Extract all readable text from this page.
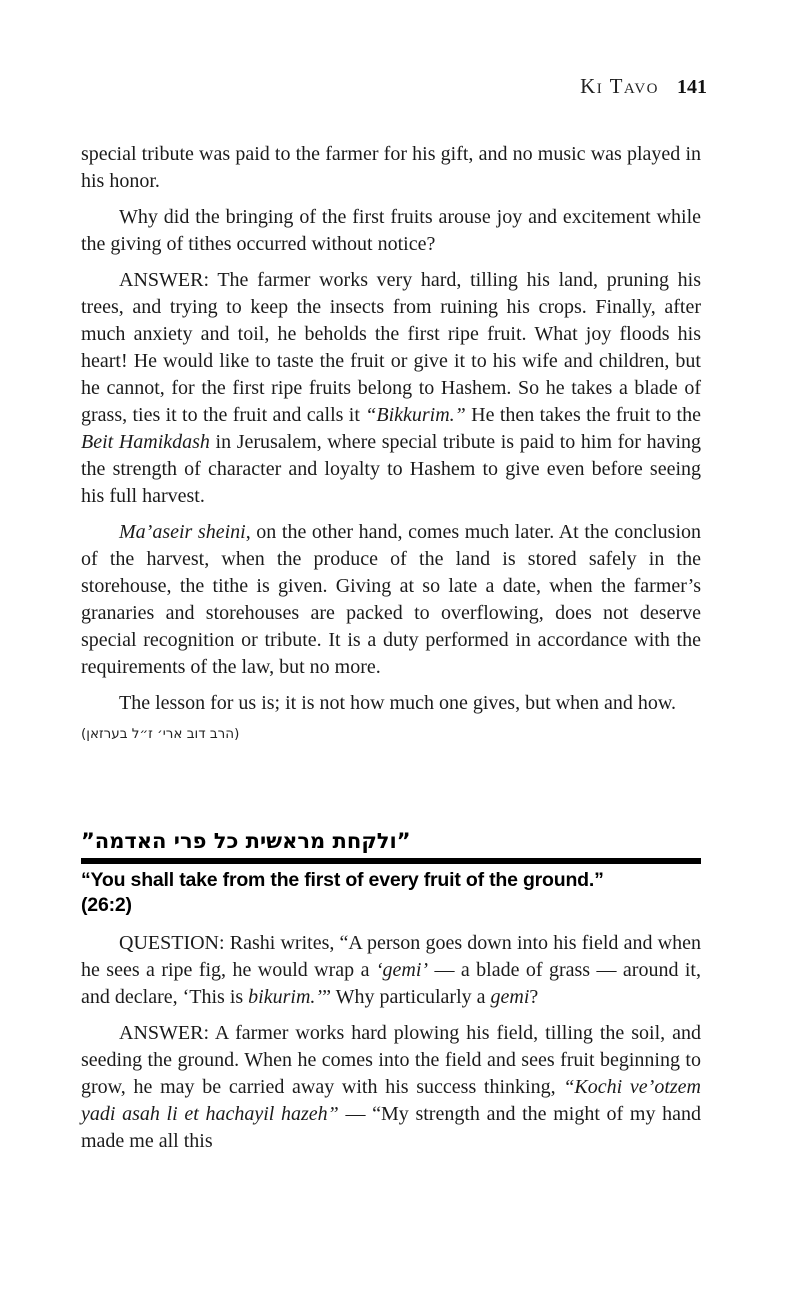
Ki Tavo 141

special tribute was paid to the farmer for his gift, and no music was played in his honor.

Why did the bringing of the first fruits arouse joy and excitement while the giving of tithes occurred without notice?

ANSWER: The farmer works very hard, tilling his land, pruning his trees, and trying to keep the insects from ruining his crops. Finally, after much anxiety and toil, he beholds the first ripe fruit. What joy floods his heart! He would like to taste the fruit or give it to his wife and children, but he cannot, for the first ripe fruits belong to Hashem. So he takes a blade of grass, ties it to the fruit and calls it “Bikkurim.” He then takes the fruit to the Beit Hamikdash in Jerusalem, where special tribute is paid to him for having the strength of character and loyalty to Hashem to give even before seeing his full harvest.

Ma’aseir sheini, on the other hand, comes much later. At the conclusion of the harvest, when the produce of the land is stored safely in the storehouse, the tithe is given. Giving at so late a date, when the farmer’s granaries and storehouses are packed to overflowing, does not deserve special recognition or tribute. It is a duty performed in accordance with the requirements of the law, but no more.

The lesson for us is; it is not how much one gives, but when and how.

(הרב דוב ארי׳ ז״ל בערזאן)
”ולקחת מראשית כל פרי האדמה”
“You shall take from the first of every fruit of the ground.”
(26:2)

QUESTION: Rashi writes, “A person goes down into his field and when he sees a ripe fig, he would wrap a ‘gemi’ — a blade of grass — around it, and declare, ‘This is bikurim.’” Why particularly a gemi?

ANSWER: A farmer works hard plowing his field, tilling the soil, and seeding the ground. When he comes into the field and sees fruit beginning to grow, he may be carried away with his success thinking, “Kochi ve’otzem yadi asah li et hachayil hazeh” — “My strength and the might of my hand made me all this
